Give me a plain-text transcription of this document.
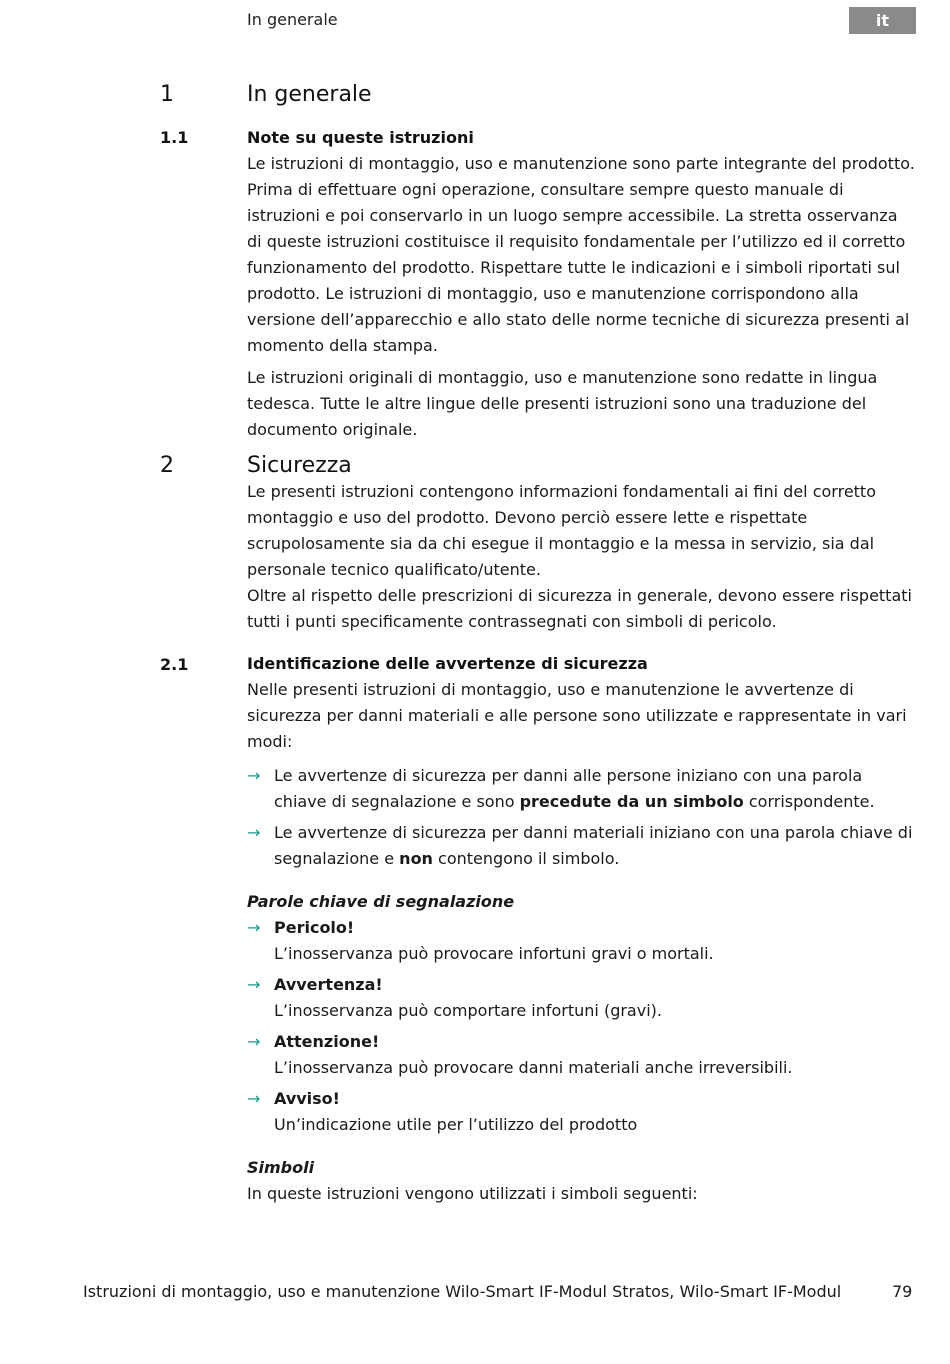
In generale	it
1	In generale
1.1	Note su queste istruzioni

Le istruzioni di montaggio, uso e manutenzione sono parte integrante del prodotto. Prima di effettuare ogni operazione, consultare sempre questo manuale di istruzioni e poi conservarlo in un luogo sempre accessibile. La stretta osservanza di queste istruzioni costituisce il requisito fondamentale per l’utilizzo ed il corretto funzionamento del prodotto. Rispettare tutte le indicazioni e i simboli riportati sul prodotto. Le istruzioni di montaggio, uso e manutenzione corrispondono alla versione dell’apparecchio e allo stato delle norme tecniche di sicurezza presenti al momento della stampa.

Le istruzioni originali di montaggio, uso e manutenzione sono redatte in lingua tedesca. Tutte le altre lingue delle presenti istruzioni sono una traduzione del documento originale.

2	Sicurezza

Le presenti istruzioni contengono informazioni fondamentali ai fini del corretto montaggio e uso del prodotto. Devono perciò essere lette e rispettate scrupolosamente sia da chi esegue il montaggio e la messa in servizio, sia dal personale tecnico qualificato/utente.

Oltre al rispetto delle prescrizioni di sicurezza in generale, devono essere rispettati tutti i punti specificamente contrassegnati con simboli di pericolo.

2.1	Identificazione delle avvertenze di sicurezza

Nelle presenti istruzioni di montaggio, uso e manutenzione le avvertenze di sicurezza per danni materiali e alle persone sono utilizzate e rappresentate in vari modi:

→ Le avvertenze di sicurezza per danni alle persone iniziano con una parola chiave di segnalazione e sono precedute da un simbolo corrispondente.
→ Le avvertenze di sicurezza per danni materiali iniziano con una parola chiave di segnalazione e non contengono il simbolo.
Parole chiave di segnalazione
→ Pericolo!
L’inosservanza può provocare infortuni gravi o mortali.
→ Avvertenza!
L’inosservanza può comportare infortuni (gravi).
→ Attenzione!
L’inosservanza può provocare danni materiali anche irreversibili.
→ Avviso!
Un’indicazione utile per l’utilizzo del prodotto
Simboli

In queste istruzioni vengono utilizzati i simboli seguenti:

Istruzioni di montaggio, uso e manutenzione Wilo-Smart IF-Modul Stratos, Wilo-Smart IF-Modul	79
